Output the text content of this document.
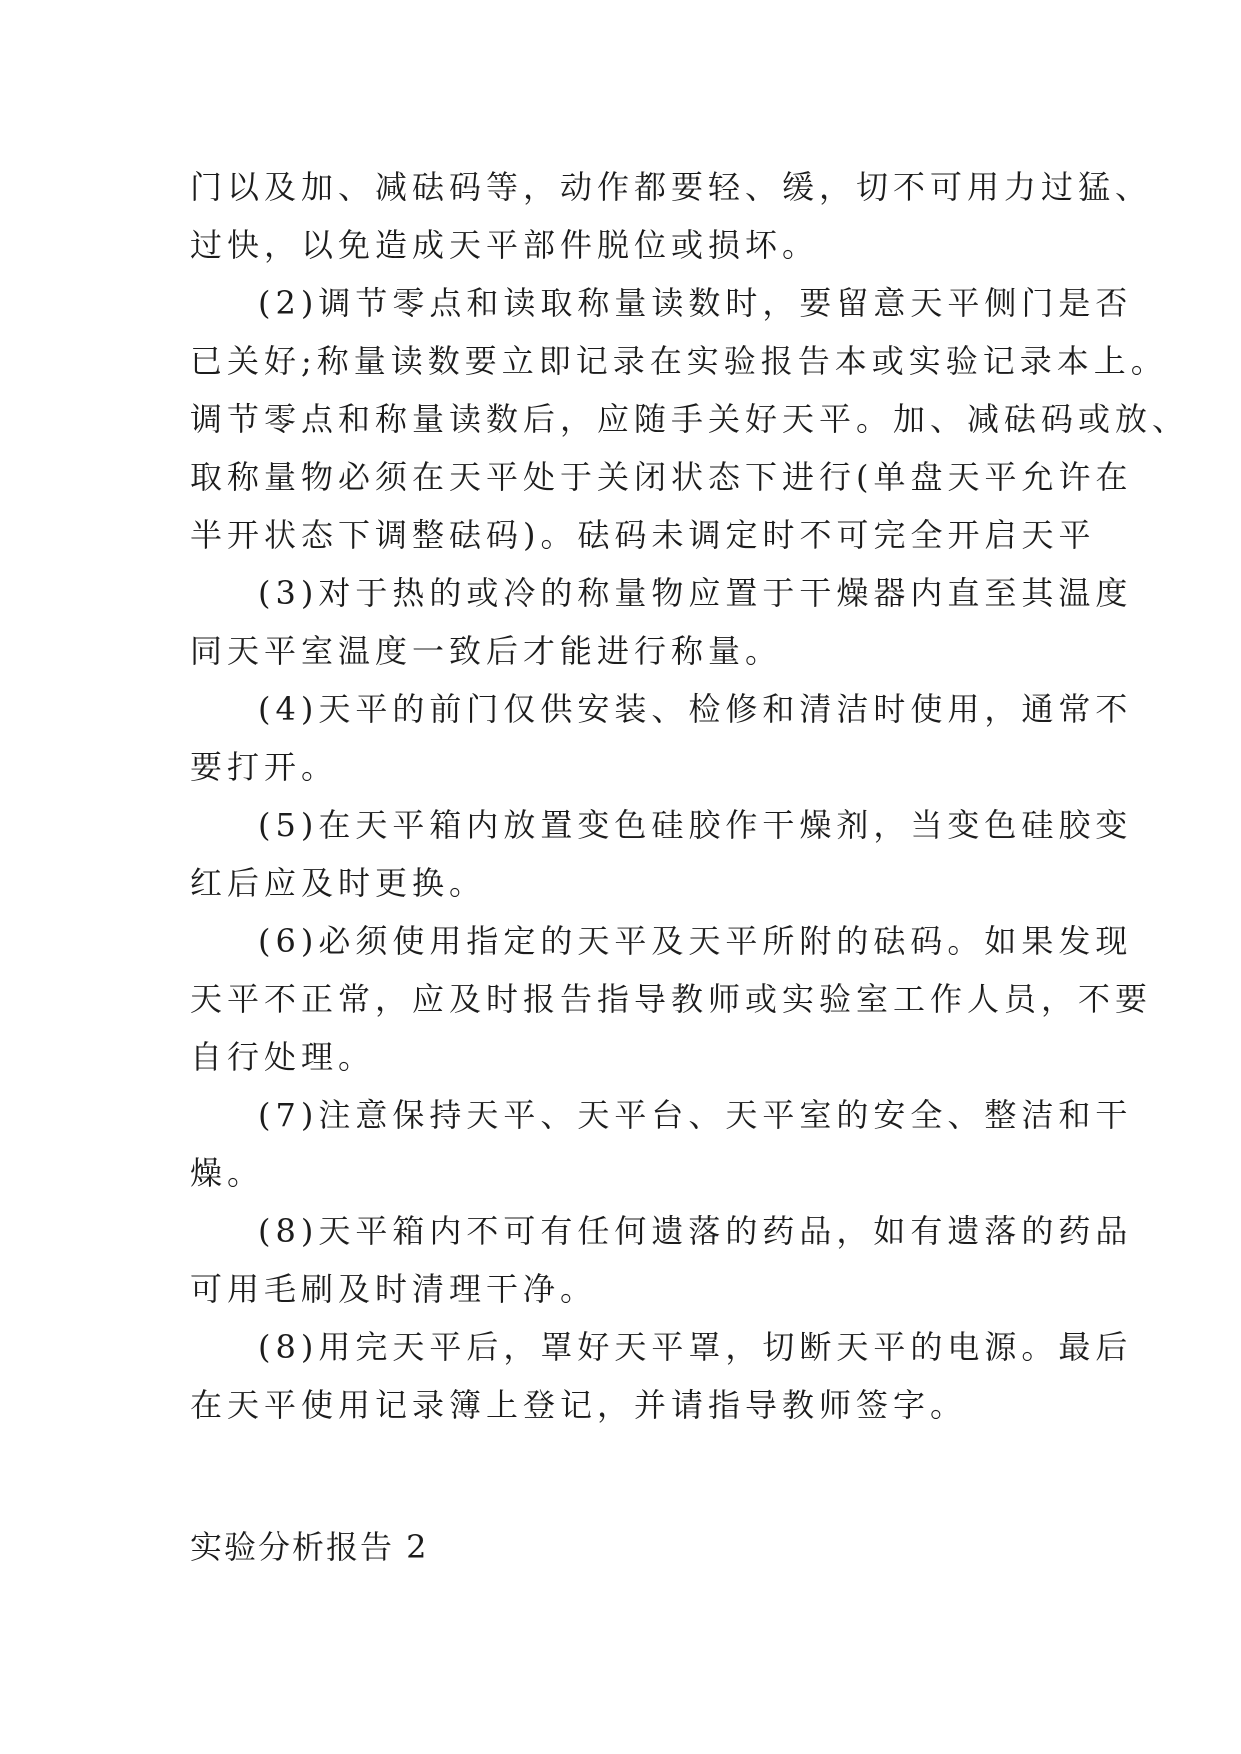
门以及加、减砝码等，动作都要轻、缓，切不可用力过猛、
过快，以免造成天平部件脱位或损坏。
(2)调节零点和读取称量读数时，要留意天平侧门是否
已关好;称量读数要立即记录在实验报告本或实验记录本上。
调节零点和称量读数后，应随手关好天平。加、减砝码或放、
取称量物必须在天平处于关闭状态下进行(单盘天平允许在
半开状态下调整砝码)。砝码未调定时不可完全开启天平
(3)对于热的或冷的称量物应置于干燥器内直至其温度
同天平室温度一致后才能进行称量。
(4)天平的前门仅供安装、检修和清洁时使用，通常不
要打开。
(5)在天平箱内放置变色硅胶作干燥剂，当变色硅胶变
红后应及时更换。
(6)必须使用指定的天平及天平所附的砝码。如果发现
天平不正常，应及时报告指导教师或实验室工作人员，不要
自行处理。
(7)注意保持天平、天平台、天平室的安全、整洁和干
燥。
(8)天平箱内不可有任何遗落的药品，如有遗落的药品
可用毛刷及时清理干净。
(8)用完天平后，罩好天平罩，切断天平的电源。最后
在天平使用记录簿上登记，并请指导教师签字。
实验分析报告 2
